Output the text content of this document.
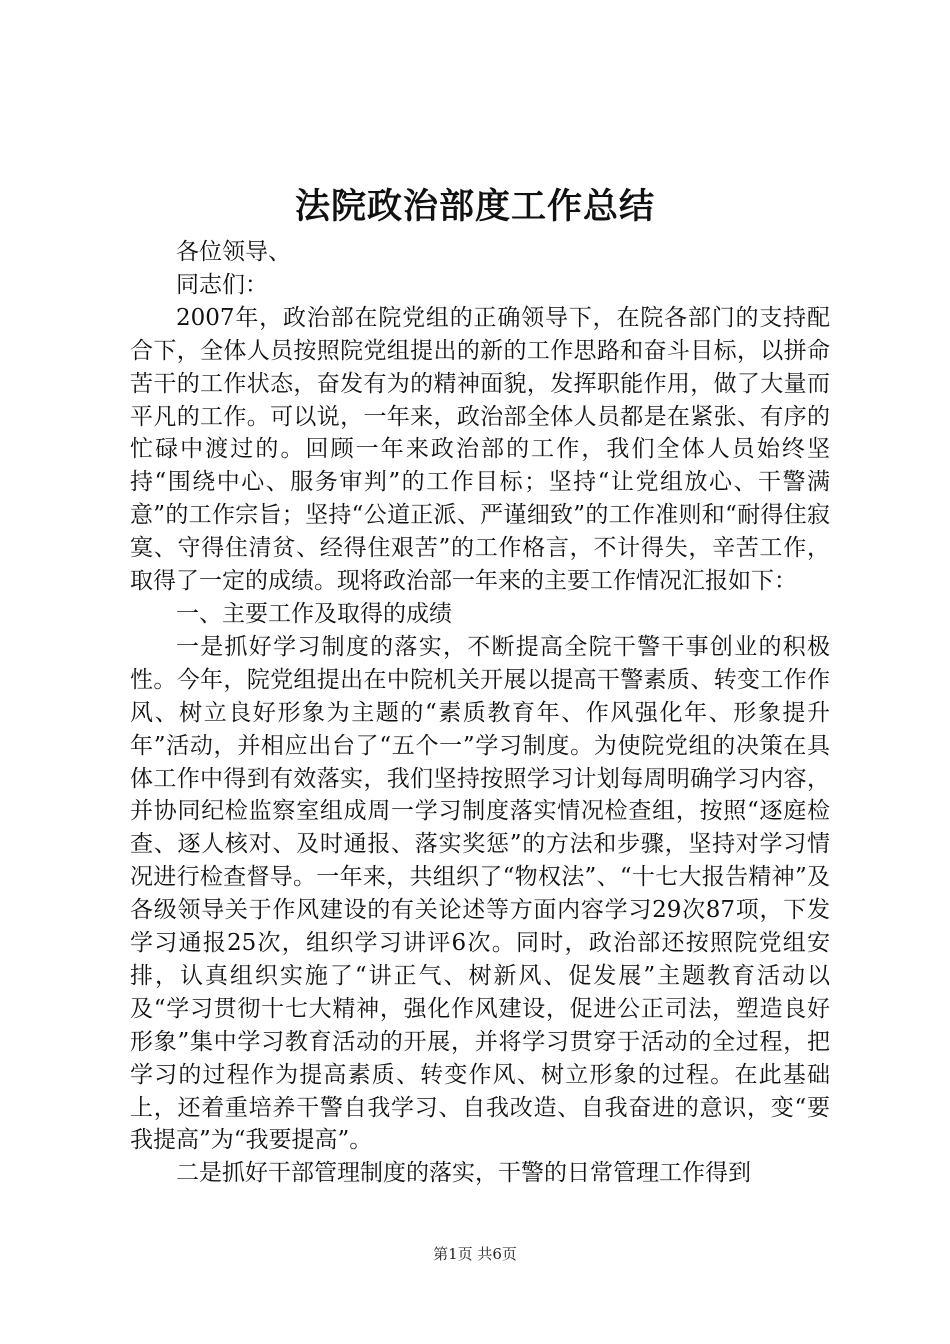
法院政治部度工作总结

各位领导、

同志们：

2007年，政治部在院党组的正确领导下，在院各部门的支持配合下，全体人员按照院党组提出的新的工作思路和奋斗目标，以拼命苦干的工作状态，奋发有为的精神面貌，发挥职能作用，做了大量而平凡的工作。可以说，一年来，政治部全体人员都是在紧张、有序的忙碌中渡过的。回顾一年来政治部的工作，我们全体人员始终坚持“围绕中心、服务审判”的工作目标；坚持“让党组放心、干警满意”的工作宗旨；坚持“公道正派、严谨细致”的工作准则和“耐得住寂寞、守得住清贫、经得住艰苦”的工作格言，不计得失，辛苦工作，取得了一定的成绩。现将政治部一年来的主要工作情况汇报如下：

一、主要工作及取得的成绩

一是抓好学习制度的落实，不断提高全院干警干事创业的积极性。今年，院党组提出在中院机关开展以提高干警素质、转变工作作风、树立良好形象为主题的“素质教育年、作风强化年、形象提升年”活动，并相应出台了“五个一”学习制度。为使院党组的决策在具体工作中得到有效落实，我们坚持按照学习计划每周明确学习内容，并协同纪检监察室组成周一学习制度落实情况检查组，按照“逐庭检查、逐人核对、及时通报、落实奖惩”的方法和步骤，坚持对学习情况进行检查督导。一年来，共组织了“物权法”、“十七大报告精神”及各级领导关于作风建设的有关论述等方面内容学习29次87项，下发学习通报25次，组织学习讲评6次。同时，政治部还按照院党组安排，认真组织实施了“讲正气、树新风、促发展”主题教育活动以及“学习贯彻十七大精神，强化作风建设，促进公正司法，塑造良好形象”集中学习教育活动的开展，并将学习贯穿于活动的全过程，把学习的过程作为提高素质、转变作风、树立形象的过程。在此基础上，还着重培养干警自我学习、自我改造、自我奋进的意识，变“要我提高”为“我要提高”。

二是抓好干部管理制度的落实，干警的日常管理工作得到

第1页 共6页
